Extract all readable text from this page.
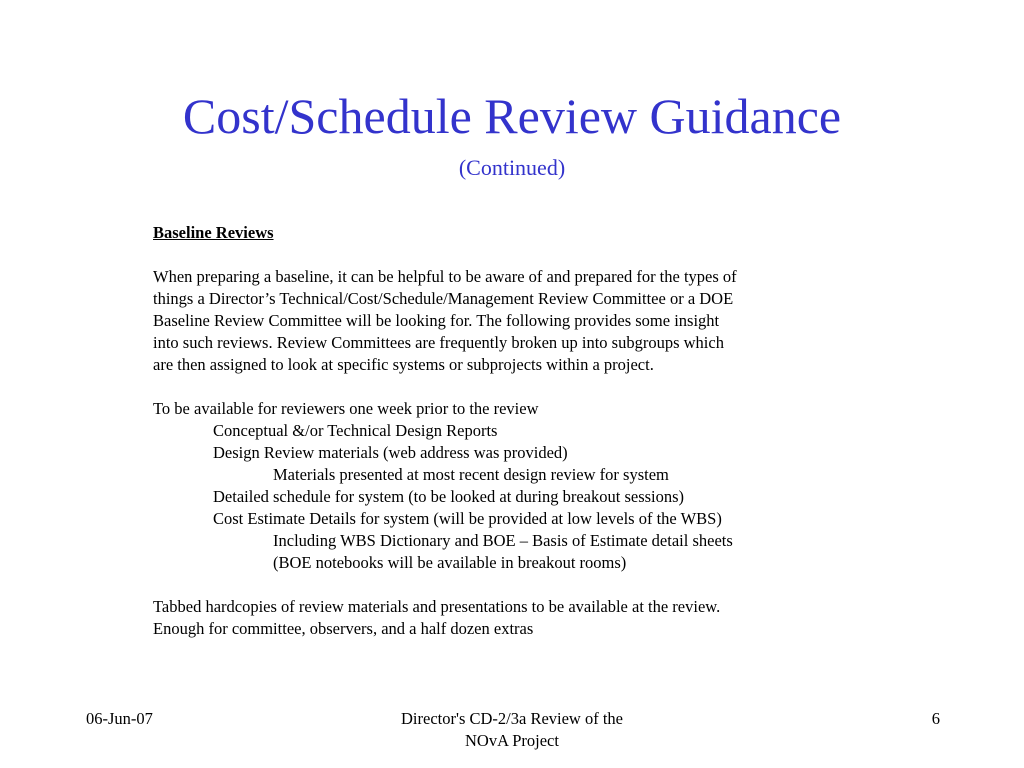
Cost/Schedule Review Guidance
(Continued)
Baseline Reviews
When preparing a baseline, it can be helpful to be aware of and prepared for the types of
things a Director’s Technical/Cost/Schedule/Management Review Committee or a DOE
Baseline Review Committee will be looking for. The following provides some insight
into such reviews. Review Committees are frequently broken up into subgroups which
are then assigned to look at specific systems or subprojects within a project.
To be available for reviewers one week prior to the review
Conceptual &/or Technical Design Reports
Design Review materials (web address was provided)
Materials presented at most recent design review for system
Detailed schedule for system (to be looked at during breakout sessions)
Cost Estimate Details for system (will be provided at low levels of the WBS)
Including WBS Dictionary and BOE – Basis of Estimate detail sheets
(BOE notebooks will be available in breakout rooms)
Tabbed hardcopies of review materials and presentations to be available at the review.
Enough for committee, observers, and a half dozen extras
06-Jun-07	Director's CD-2/3a Review of the
NOvA Project
6
